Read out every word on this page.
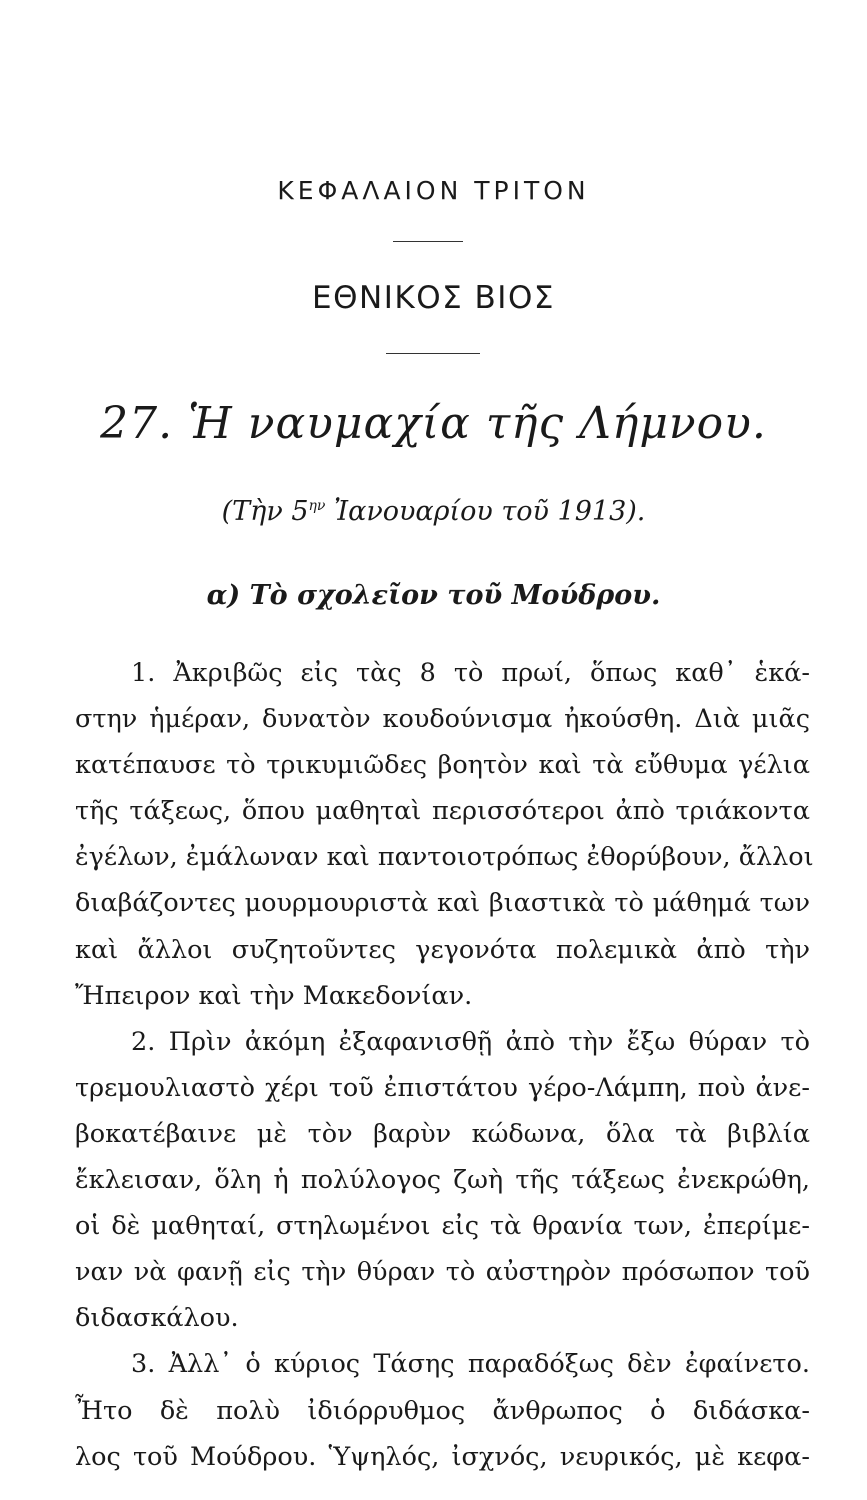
ΚΕΦΑΛΑΙΟΝ ΤΡΙΤΟΝ
ΕΘΝΙΚΟΣ ΒΙΟΣ
27. Ἡ ναυμαχία τῆς Λήμνου.
(Τὴν $5^{\eta\nu}$ Ἰανουαρίου τοῦ 1913).
α) Τὸ σχολεῖον τοῦ Μούδρου.
1. Ἀκριβῶς εἰς τὰς 8 τὸ πρωί, ὅπως καθ᾽ ἑκά-
στην ἡμέραν, δυνατὸν κουδούνισμα ἠκούσθη. Διὰ μιᾶς
κατέπαυσε τὸ τρικυμιῶδες βοητὸν καὶ τὰ εὔθυμα γέλια
τῆς τάξεως, ὅπου μαθηταὶ περισσότεροι ἀπὸ τριάκοντα
ἐγέλων, ἐμάλωναν καὶ παντοιοτρόπως ἐθορύβουν, ἄλλοι
διαβάζοντες μουρμουριστὰ καὶ βιαστικὰ τὸ μάθημά των
καὶ ἄλλοι συζητοῦντες γεγονότα πολεμικὰ ἀπὸ τὴν
Ἤπειρον καὶ τὴν Μακεδονίαν.
2. Πρὶν ἀκόμη ἐξαφανισθῇ ἀπὸ τὴν ἔξω θύραν τὸ
τρεμουλιαστὸ χέρι τοῦ ἐπιστάτου γέρο-Λάμπη, ποὺ ἀνε-
βοκατέβαινε μὲ τὸν βαρὺν κώδωνα, ὅλα τὰ βιβλία
ἔκλεισαν, ὅλη ἡ πολύλογος ζωὴ τῆς τάξεως ἐνεκρώθη,
οἱ δὲ μαθηταί, στηλωμένοι εἰς τὰ θρανία των, ἐπερίμε-
ναν νὰ φανῇ εἰς τὴν θύραν τὸ αὐστηρὸν πρόσωπον τοῦ
διδασκάλου.
3. Ἀλλ᾽ ὁ κύριος Τάσης παραδόξως δὲν ἐφαίνετο.
Ἦτο δὲ πολὺ ἰδιόρρυθμος ἄνθρωπος ὁ διδάσκα-
λος τοῦ Μούδρου. Ὑψηλός, ἰσχνός, νευρικός, μὲ κεφα-
